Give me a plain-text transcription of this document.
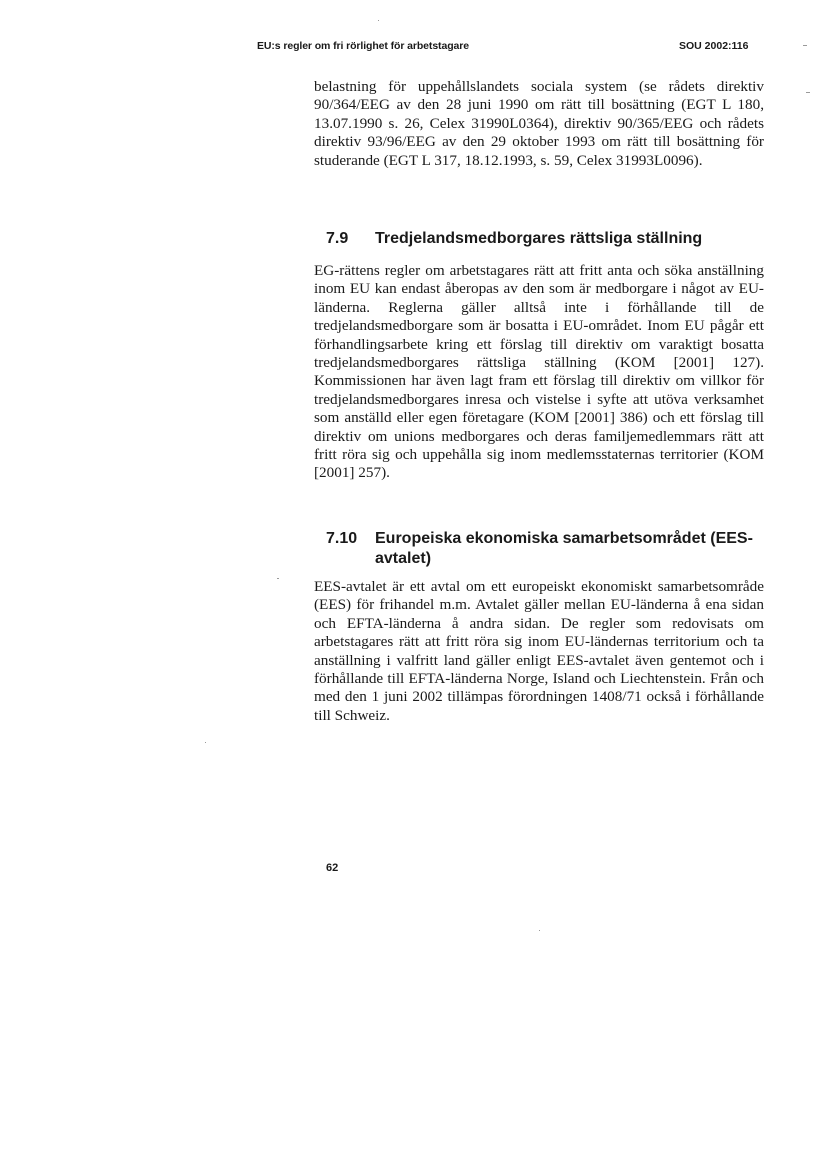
EU:s regler om fri rörlighet för arbetstagare	SOU 2002:116

belastning för uppehållslandets sociala system (se rådets direktiv 90/364/EEG av den 28 juni 1990 om rätt till bosättning (EGT L 180, 13.07.1990 s. 26, Celex 31990L0364), direktiv 90/365/EEG och rådets direktiv 93/96/EEG av den 29 oktober 1993 om rätt till bosättning för studerande (EGT L 317, 18.12.1993, s. 59, Celex 31993L0096).

7.9	Tredjelandsmedborgares rättsliga ställning

EG-rättens regler om arbetstagares rätt att fritt anta och söka anställning inom EU kan endast åberopas av den som är medborgare i något av EU-länderna. Reglerna gäller alltså inte i förhållande till de tredjelandsmedborgare som är bosatta i EU-området. Inom EU pågår ett förhandlingsarbete kring ett förslag till direktiv om varaktigt bosatta tredjelandsmedborgares rättsliga ställning (KOM [2001] 127). Kommissionen har även lagt fram ett förslag till direktiv om villkor för tredjelandsmedborgares inresa och vistelse i syfte att utöva verksamhet som anställd eller egen företagare (KOM [2001] 386) och ett förslag till direktiv om unions medborgares och deras familjemedlemmars rätt att fritt röra sig och uppehålla sig inom medlemsstaternas territorier (KOM [2001] 257).

7.10	Europeiska ekonomiska samarbetsområdet (EES-avtalet)

EES-avtalet är ett avtal om ett europeiskt ekonomiskt samarbetsområde (EES) för frihandel m.m. Avtalet gäller mellan EU-länderna å ena sidan och EFTA-länderna å andra sidan. De regler som redovisats om arbetstagares rätt att fritt röra sig inom EU-ländernas territorium och ta anställning i valfritt land gäller enligt EES-avtalet även gentemot och i förhållande till EFTA-länderna Norge, Island och Liechtenstein. Från och med den 1 juni 2002 tillämpas förordningen 1408/71 också i förhållande till Schweiz.

62
